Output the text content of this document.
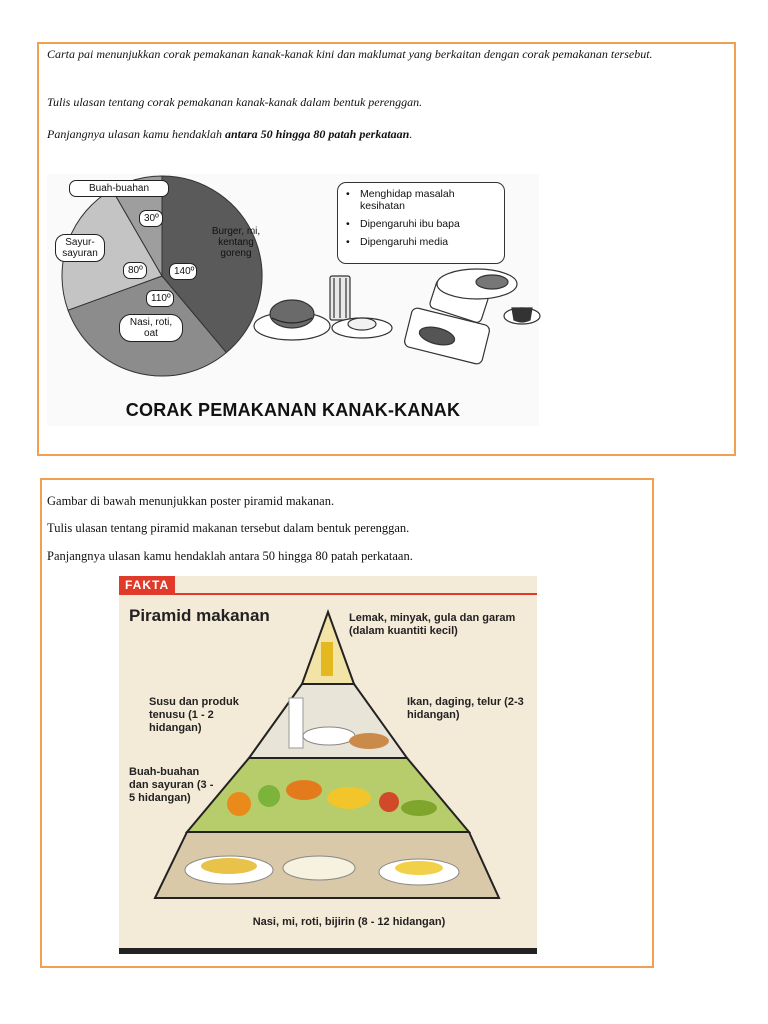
Carta pai menunjukkan corak pemakanan kanak-kanak kini dan maklumat yang berkaitan dengan corak pemakanan tersebut.
Tulis ulasan tentang corak pemakanan kanak-kanak dalam bentuk perenggan.
Panjangnya ulasan kamu hendaklah antara 50 hingga 80 patah perkataan.
Buah-buahan
Sayur-sayuran
Burger, mi, kentang goreng
Nasi, roti, oat
30º
80º	140º
110º
• Menghidap masalah kesihatan
• Dipengaruhi ibu bapa
• Dipengaruhi media
CORAK PEMAKANAN KANAK-KANAK
Gambar di bawah menunjukkan poster piramid makanan.
Tulis ulasan tentang piramid makanan tersebut dalam bentuk perenggan.
Panjangnya ulasan kamu hendaklah antara 50 hingga 80 patah perkataan.
FAKTA
Piramid makanan	Lemak, minyak, gula dan garam (dalam kuantiti kecil)
Susu dan produk tenusu (1 - 2 hidangan)
Ikan, daging, telur (2-3 hidangan)
Buah-buahan dan sayuran (3 - 5 hidangan)
Nasi, mi, roti, bijirin (8 - 12 hidangan)
